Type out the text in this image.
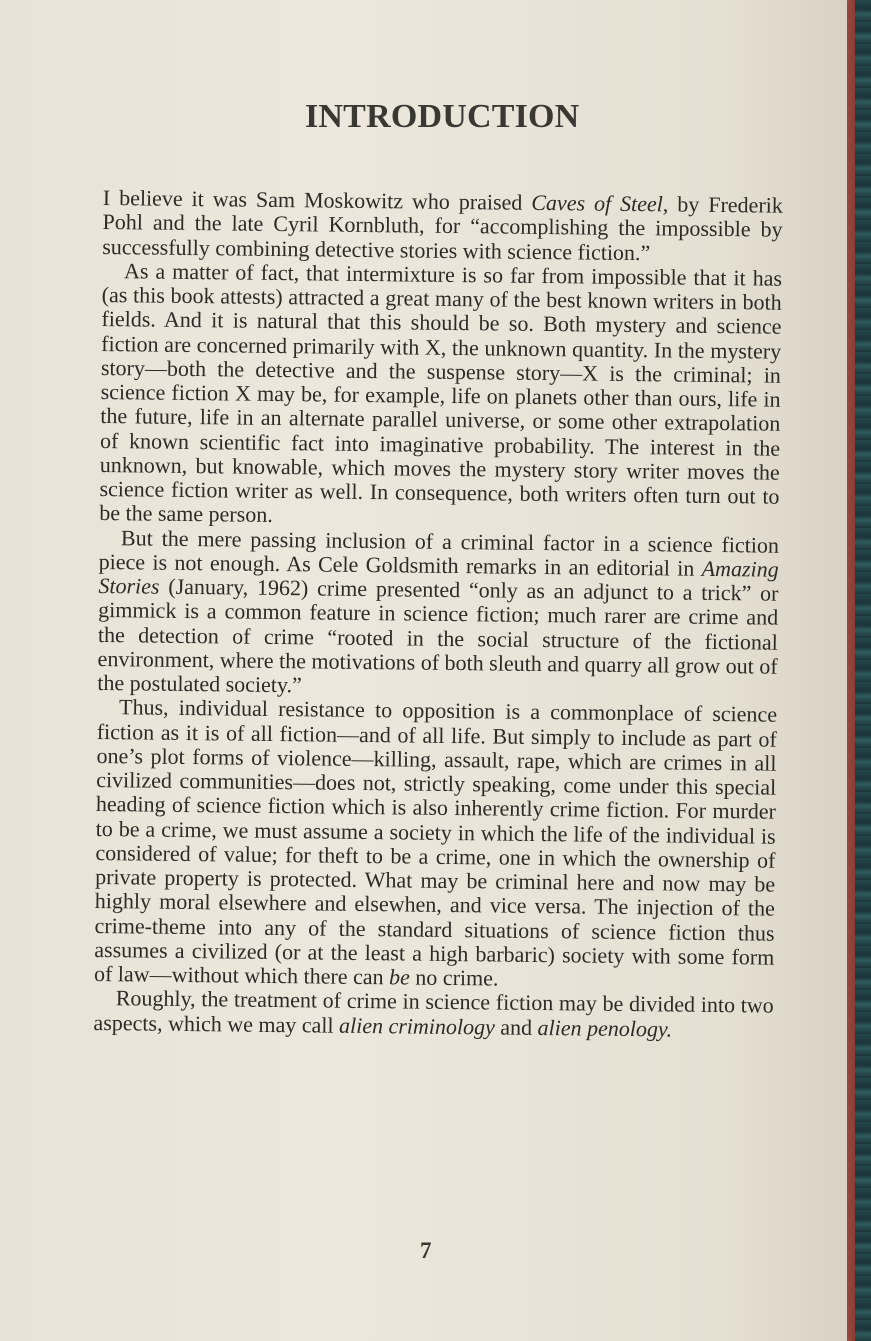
INTRODUCTION

I believe it was Sam Moskowitz who praised Caves of Steel, by Frederik Pohl and the late Cyril Kornbluth, for “accomplishing the impossible by successfully combining detective stories with science fiction.”

As a matter of fact, that intermixture is so far from impossible that it has (as this book attests) attracted a great many of the best known writers in both fields. And it is natural that this should be so. Both mystery and science fiction are concerned primarily with X, the unknown quantity. In the mystery story—both the detective and the suspense story—X is the criminal; in science fiction X may be, for example, life on planets other than ours, life in the future, life in an alternate parallel universe, or some other extrapolation of known scientific fact into imaginative probability. The interest in the unknown, but knowable, which moves the mystery story writer moves the science fiction writer as well. In consequence, both writers often turn out to be the same person.

But the mere passing inclusion of a criminal factor in a science fiction piece is not enough. As Cele Goldsmith remarks in an editorial in Amazing Stories (January, 1962) crime presented “only as an adjunct to a trick” or gimmick is a common feature in science fiction; much rarer are crime and the detection of crime “rooted in the social structure of the fictional environment, where the motivations of both sleuth and quarry all grow out of the postulated society.”

Thus, individual resistance to opposition is a commonplace of science fiction as it is of all fiction—and of all life. But simply to include as part of one’s plot forms of violence—killing, assault, rape, which are crimes in all civilized communities—does not, strictly speaking, come under this special heading of science fiction which is also inherently crime fiction. For murder to be a crime, we must assume a society in which the life of the individual is considered of value; for theft to be a crime, one in which the ownership of private property is protected. What may be criminal here and now may be highly moral elsewhere and elsewhen, and vice versa. The injection of the crime-theme into any of the standard situations of science fiction thus assumes a civilized (or at the least a high barbaric) society with some form of law—without which there can be no crime.

Roughly, the treatment of crime in science fiction may be divided into two aspects, which we may call alien criminology and alien penology.

7
